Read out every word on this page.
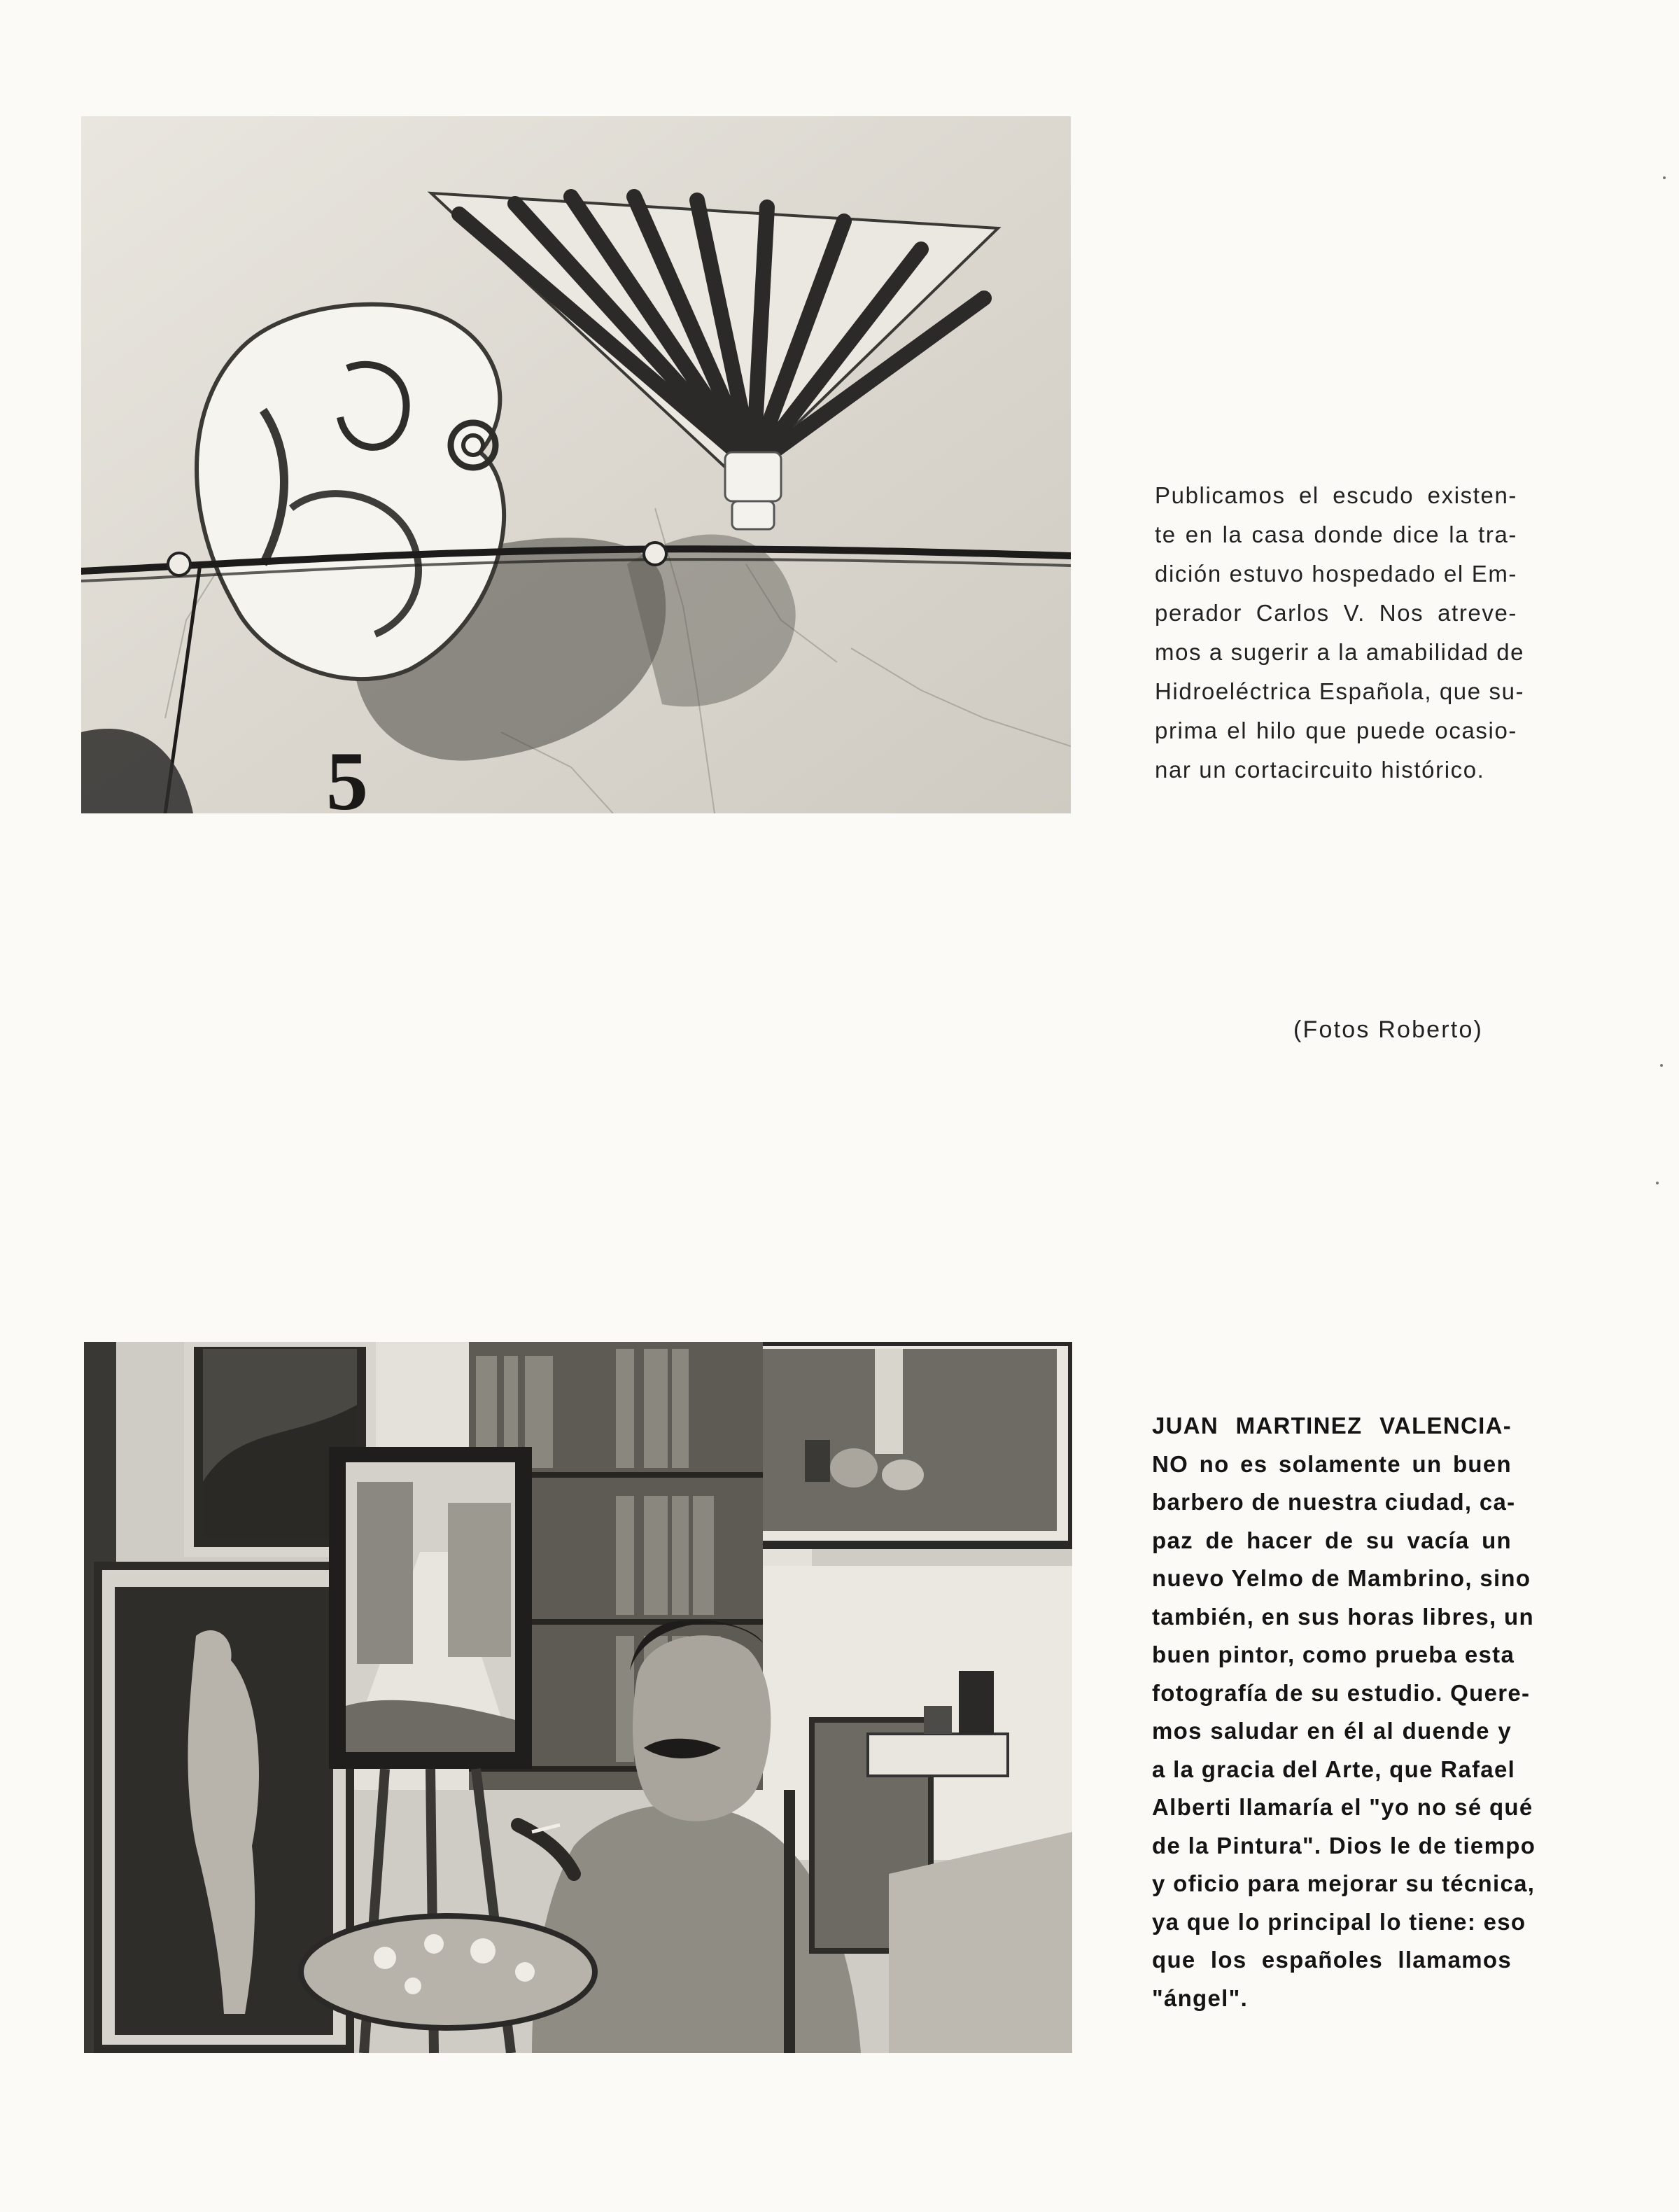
5
Publicamos el escudo existen-
te en la casa donde dice la tra-
dición estuvo hospedado el Em-
perador Carlos V. Nos atreve-
mos a sugerir a la amabilidad de
Hidroeléctrica Española, que su-
prima el hilo que puede ocasio-
nar un cortacircuito histórico.
(Fotos Roberto)
JUAN MARTINEZ VALENCIA-
NO no es solamente un buen
barbero de nuestra ciudad, ca-
paz de hacer de su vacía un
nuevo Yelmo de Mambrino, sino
también, en sus horas libres, un
buen pintor, como prueba esta
fotografía de su estudio. Quere-
mos saludar en él al duende y
a la gracia del Arte, que Rafael
Alberti llamaría el "yo no sé qué
de la Pintura". Dios le de tiempo
y oficio para mejorar su técnica,
ya que lo principal lo tiene: eso
que los españoles llamamos
"ángel".
